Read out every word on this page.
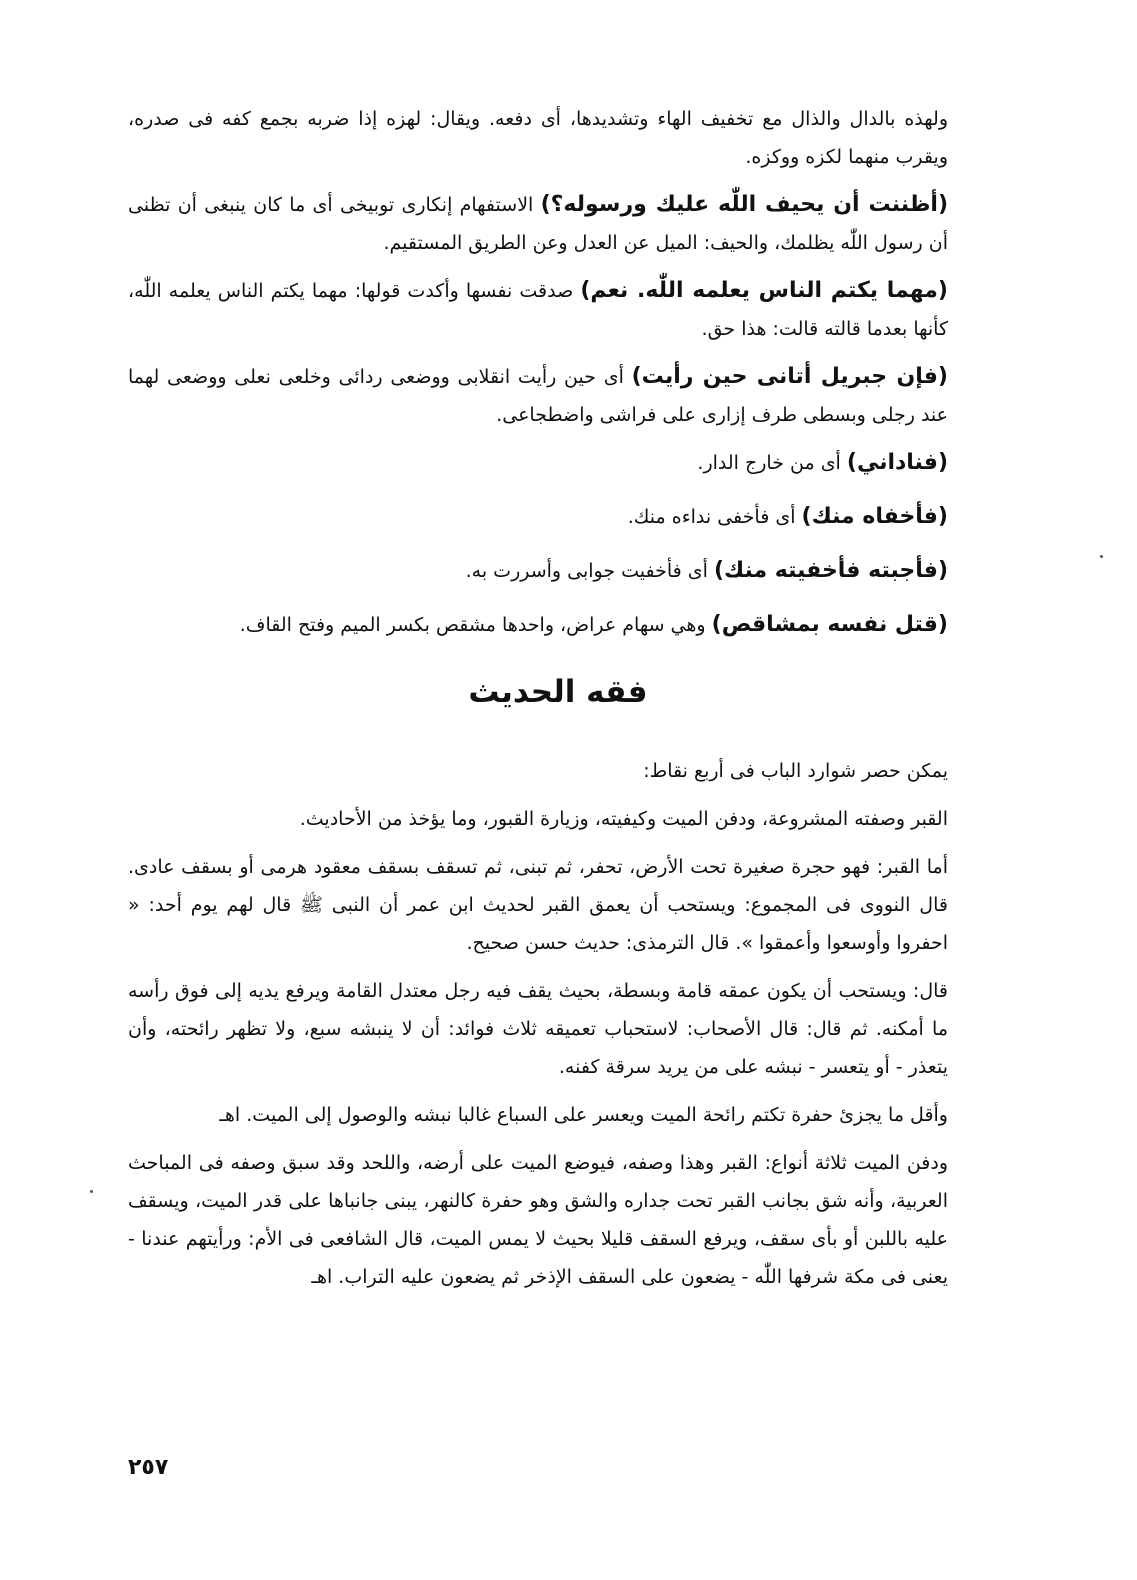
ولهذه بالدال والذال مع تخفيف الهاء وتشديدها، أى دفعه. ويقال: لهزه إذا ضربه بجمع كفه فى صدره، ويقرب منهما لكزه ووكزه.

(أظننت أن يحيف اللّٰه عليك ورسوله؟) الاستفهام إنكارى توبيخى أى ما كان ينبغى أن تظنى أن رسول اللّٰه يظلمك، والحيف: الميل عن العدل وعن الطريق المستقيم.

(مهما يكتم الناس يعلمه اللّٰه. نعم) صدقت نفسها وأكدت قولها: مهما يكتم الناس يعلمه اللّٰه، كأنها بعدما قالته قالت: هذا حق.

(فإن جبريل أتانى حين رأيت) أى حين رأيت انقلابى ووضعى ردائى وخلعى نعلى ووضعى لهما عند رجلى وبسطى طرف إزارى على فراشى واضطجاعى.

(فناداني) أى من خارج الدار.

(فأخفاه منك) أى فأخفى نداءه منك.

(فأجبته فأخفيته منك) أى فأخفيت جوابى وأسررت به.

(قتل نفسه بمشاقص) وهي سهام عراض، واحدها مشقص بكسر الميم وفتح القاف.

فقه الحديث

يمكن حصر شوارد الباب فى أربع نقاط:

القبر وصفته المشروعة، ودفن الميت وكيفيته، وزيارة القبور، وما يؤخذ من الأحاديث.

أما القبر: فهو حجرة صغيرة تحت الأرض، تحفر، ثم تبنى، ثم تسقف بسقف معقود هرمى أو بسقف عادى. قال النووى فى المجموع: ويستحب أن يعمق القبر لحديث ابن عمر أن النبى ﷺ قال لهم يوم أحد: « احفروا وأوسعوا وأعمقوا ». قال الترمذى: حديث حسن صحيح.

قال: ويستحب أن يكون عمقه قامة وبسطة، بحيث يقف فيه رجل معتدل القامة ويرفع يديه إلى فوق رأسه ما أمكنه. ثم قال: قال الأصحاب: لاستحباب تعميقه ثلاث فوائد: أن لا ينبشه سبع، ولا تظهر رائحته، وأن يتعذر - أو يتعسر - نبشه على من يريد سرقة كفنه.

وأقل ما يجزئ حفرة تكتم رائحة الميت ويعسر على السباع غالبا نبشه والوصول إلى الميت. اهـ

ودفن الميت ثلاثة أنواع: القبر وهذا وصفه، فيوضع الميت على أرضه، واللحد وقد سبق وصفه فى المباحث العربية، وأنه شق بجانب القبر تحت جداره والشق وهو حفرة كالنهر، يبنى جانباها على قدر الميت، ويسقف عليه باللبن أو بأى سقف، ويرفع السقف قليلا بحيث لا يمس الميت، قال الشافعى فى الأم: ورأيتهم عندنا - يعنى فى مكة شرفها اللّٰه - يضعون على السقف الإذخر ثم يضعون عليه التراب. اهـ

٢٥٧
